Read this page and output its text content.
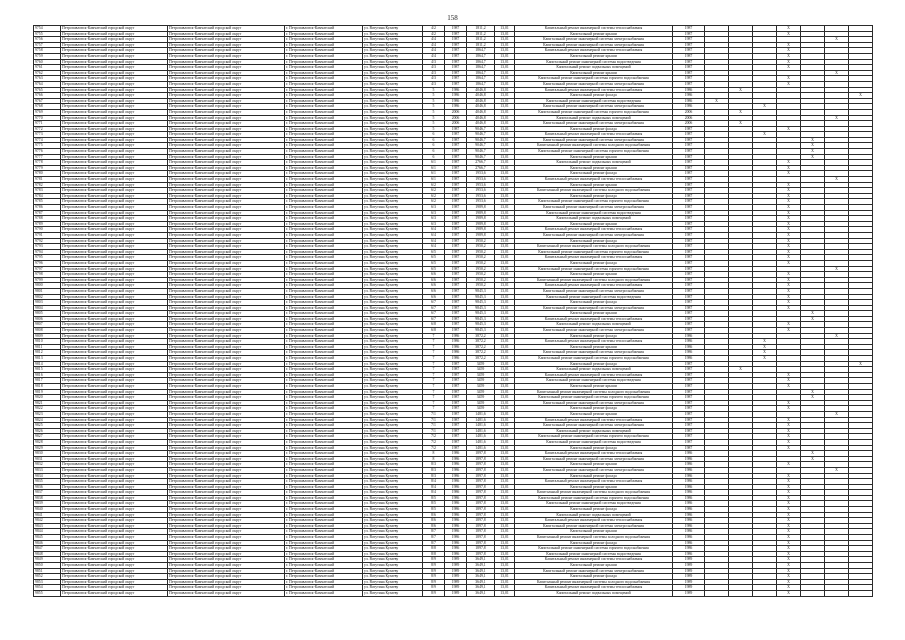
158
9754	Петропавловск-Камчатский городской округ	Петропавловск-Камчатский городской округ	г. Петропавловск-Камчатский	ул. Ватутина Кулаеву	4/2	1987	1811,2	13,01	Капитальный ремонт инженерной системы теплоснабжения	1987				X			
9755	Петропавловск-Камчатский городской округ	Петропавловск-Камчатский городской округ	г. Петропавловск-Камчатский	ул. Ватутина Кулаеву	4/2	1987	1811,2	13,01	Капитальный ремонт крыши	1987				X			
9756	Петропавловск-Камчатский городской округ	Петропавловск-Камчатский городской округ	г. Петропавловск-Камчатский	ул. Ватутина Кулаеву	4/4	1987	1811,2	13,01	Капитальный ремонт инженерной системы электроснабжения	1987						X	
9757	Петропавловск-Камчатский городской округ	Петропавловск-Камчатский городской округ	г. Петропавловск-Камчатский	ул. Ватутина Кулаеву	4/4	1987	1811,2	13,01	Капитальный ремонт инженерной системы электроснабжения	1987				X			
9758	Петропавловск-Камчатский городской округ	Петропавловск-Камчатский городской округ	г. Петропавловск-Камчатский	ул. Ватутина Кулаеву	4/4	1987	1864,7	13,01	Капитальный ремонт инженерной системы теплоснабжения	1987				X			
9759	Петропавловск-Камчатский городской округ	Петропавловск-Камчатский городской округ	г. Петропавловск-Камчатский	ул. Ватутина Кулаеву	4/4	1987	1864,7	13,01	Капитальный ремонт крыши	1987				X			
9760	Петропавловск-Камчатский городской округ	Петропавловск-Камчатский городской округ	г. Петропавловск-Камчатский	ул. Ватутина Кулаеву	4/3	1987	1864,7	13,01	Капитальный ремонт инженерной системы водоотведения	1987				X			
9761	Петропавловск-Камчатский городской округ	Петропавловск-Камчатский городской округ	г. Петропавловск-Камчатский	ул. Ватутина Кулаеву	4/3	1987	1864,7	13,01	Капитальный ремонт подвальных помещений	1987				X			
9762	Петропавловск-Камчатский городской округ	Петропавловск-Камчатский городской округ	г. Петропавловск-Камчатский	ул. Ватутина Кулаеву	4/3	1987	1864,7	13,01	Капитальный ремонт крыши	1987						X	
9763	Петропавловск-Камчатский городской округ	Петропавловск-Камчатский городской округ	г. Петропавловск-Камчатский	ул. Ватутина Кулаеву	4/3	1987	1864,7	13,01	Капитальный ремонт инженерной системы горячего водоснабжения	1987				X			
9764	Петропавловск-Камчатский городской округ	Петропавловск-Камчатский городской округ	г. Петропавловск-Камчатский	ул. Ватутина Кулаеву	4/3	1987	1864,7	13,01	Капитальный ремонт инженерной системы электроснабжения	1987				X			
9765	Петропавловск-Камчатский городской округ	Петропавловск-Камчатский городской округ	г. Петропавловск-Камчатский	ул. Ватутина Кулаеву	5	1986	4046,8	13,01	Капитальный ремонт инженерной системы теплоснабжения	1986		X					
9766	Петропавловск-Камчатский городской округ	Петропавловск-Камчатский городской округ	г. Петропавловск-Камчатский	ул. Ватутина Кулаеву	5	1986	4046,8	13,01	Капитальный ремонт фасада	1986							X
9767	Петропавловск-Камчатский городской округ	Петропавловск-Камчатский городской округ	г. Петропавловск-Камчатский	ул. Ватутина Кулаеву	5	1986	4046,8	13,01	Капитальный ремонт инженерной системы водоотведения	1986	X						
9768	Петропавловск-Камчатский городской округ	Петропавловск-Камчатский городской округ	г. Петропавловск-Камчатский	ул. Ватутина Кулаеву	5	1986	4046,8	13,01	Капитальный ремонт инженерной системы электроснабжения	1986			X				
9769	Петропавловск-Камчатский городской округ	Петропавловск-Камчатский городской округ	г. Петропавловск-Камчатский	ул. Ватутина Кулаеву	5	2006	4046,8	13,01	Капитальный ремонт инженерной системы горячего водоснабжения	2006		X					
9770	Петропавловск-Камчатский городской округ	Петропавловск-Камчатский городской округ	г. Петропавловск-Камчатский	ул. Ватутина Кулаеву	5	2006	4046,8	13,01	Капитальный ремонт подвальных помещений	2006						X	
9771	Петропавловск-Камчатский городской округ	Петропавловск-Камчатский городской округ	г. Петропавловск-Камчатский	ул. Ватутина Кулаеву	5	2006	4046,8	13,01	Капитальный ремонт инженерной системы электроснабжения	2006		X					
9772	Петропавловск-Камчатский городской округ	Петропавловск-Камчатский городской округ	г. Петропавловск-Камчатский	ул. Ватутина Кулаеву	5	1987	9046,7	13,01	Капитальный ремонт фасада	1987				X			
9773	Петропавловск-Камчатский городской округ	Петропавловск-Камчатский городской округ	г. Петропавловск-Камчатский	ул. Ватутина Кулаеву	6	1987	9046,7	13,01	Капитальный ремонт инженерной системы теплоснабжения	1987			X				
9774	Петропавловск-Камчатский городской округ	Петропавловск-Камчатский городской округ	г. Петропавловск-Камчатский	ул. Ватутина Кулаеву	6	1987	9046,7	13,01	Капитальный ремонт инженерной системы электроснабжения	1987					X		
9775	Петропавловск-Камчатский городской округ	Петропавловск-Камчатский городской округ	г. Петропавловск-Камчатский	ул. Ватутина Кулаеву	6	1987	9046,7	13,01	Капитальный ремонт инженерной системы холодного водоснабжения	1987					X		
9776	Петропавловск-Камчатский городской округ	Петропавловск-Камчатский городской округ	г. Петропавловск-Камчатский	ул. Ватутина Кулаеву	6	1987	9046,7	13,01	Капитальный ремонт инженерной системы горячего водоснабжения	1987					X		
9777	Петропавловск-Камчатский городской округ	Петропавловск-Камчатский городской округ	г. Петропавловск-Камчатский	ул. Ватутина Кулаеву	6	1987	9046,7	13,01	Капитальный ремонт крыши	1987					X		
9778	Петропавловск-Камчатский городской округ	Петропавловск-Камчатский городской округ	г. Петропавловск-Камчатский	ул. Ватутина Кулаеву	6/1	1987	2766,7	13,01	Капитальный ремонт подвальных помещений	1987				X			
9779	Петропавловск-Камчатский городской округ	Петропавловск-Камчатский городской округ	г. Петропавловск-Камчатский	ул. Ватутина Кулаеву	6/1	1987	2766,7	13,01	Капитальный ремонт крыши	1987				X			
9780	Петропавловск-Камчатский городской округ	Петропавловск-Камчатский городской округ	г. Петропавловск-Камчатский	ул. Ватутина Кулаеву	6/1	1987	1953,6	13,01	Капитальный ремонт фасада	1987				X			
9781	Петропавловск-Камчатский городской округ	Петропавловск-Камчатский городской округ	г. Петропавловск-Камчатский	ул. Ватутина Кулаеву	6/1	1987	1953,6	13,01	Капитальный ремонт инженерной системы теплоснабжения	1987						X	
9782	Петропавловск-Камчатский городской округ	Петропавловск-Камчатский городской округ	г. Петропавловск-Камчатский	ул. Ватутина Кулаеву	6/2	1987	1953,6	13,01	Капитальный ремонт крыши	1987				X			
9783	Петропавловск-Камчатский городской округ	Петропавловск-Камчатский городской округ	г. Петропавловск-Камчатский	ул. Ватутина Кулаеву	6/2	1987	1953,6	13,01	Капитальный ремонт инженерной системы холодного водоснабжения	1987				X			
9784	Петропавловск-Камчатский городской округ	Петропавловск-Камчатский городской округ	г. Петропавловск-Камчатский	ул. Ватутина Кулаеву	6/2	1987	1953,6	13,01	Капитальный ремонт фасада	1987				X			
9785	Петропавловск-Камчатский городской округ	Петропавловск-Камчатский городской округ	г. Петропавловск-Камчатский	ул. Ватутина Кулаеву	6/2	1987	1953,6	13,01	Капитальный ремонт инженерной системы горячего водоснабжения	1987				X			
9786	Петропавловск-Камчатский городской округ	Петропавловск-Камчатский городской округ	г. Петропавловск-Камчатский	ул. Ватутина Кулаеву	6/3	1987	1989,8	13,01	Капитальный ремонт инженерной системы электроснабжения	1987				X			
9787	Петропавловск-Камчатский городской округ	Петропавловск-Камчатский городской округ	г. Петропавловск-Камчатский	ул. Ватутина Кулаеву	6/3	1987	1989,8	13,01	Капитальный ремонт инженерной системы водоотведения	1987				X			
9788	Петропавловск-Камчатский городской округ	Петропавловск-Камчатский городской округ	г. Петропавловск-Камчатский	ул. Ватутина Кулаеву	6/3	1987	1989,8	13,01	Капитальный ремонт подвальных помещений	1987				X			
9789	Петропавловск-Камчатский городской округ	Петропавловск-Камчатский городской округ	г. Петропавловск-Камчатский	ул. Ватутина Кулаеву	6/3	1987	1989,8	13,01	Капитальный ремонт крыши	1987				X			
9790	Петропавловск-Камчатский городской округ	Петропавловск-Камчатский городской округ	г. Петропавловск-Камчатский	ул. Ватутина Кулаеву	6/4	1987	1989,8	13,01	Капитальный ремонт инженерной системы теплоснабжения	1987				X			
9791	Петропавловск-Камчатский городской округ	Петропавловск-Камчатский городской округ	г. Петропавловск-Камчатский	ул. Ватутина Кулаеву	6/4	1987	1989,8	13,01	Капитальный ремонт инженерной системы электроснабжения	1987				X			
9792	Петропавловск-Камчатский городской округ	Петропавловск-Камчатский городской округ	г. Петропавловск-Камчатский	ул. Ватутина Кулаеву	6/4	1987	1950,2	13,01	Капитальный ремонт фасада	1987				X			
9793	Петропавловск-Камчатский городской округ	Петропавловск-Камчатский городской округ	г. Петропавловск-Камчатский	ул. Ватутина Кулаеву	6/4	1987	1950,2	13,01	Капитальный ремонт инженерной системы холодного водоснабжения	1987				X			
9794	Петропавловск-Камчатский городской округ	Петропавловск-Камчатский городской округ	г. Петропавловск-Камчатский	ул. Ватутина Кулаеву	6/5	1987	1950,2	13,01	Капитальный ремонт инженерной системы горячего водоснабжения	1987				X			
9795	Петропавловск-Камчатский городской округ	Петропавловск-Камчатский городской округ	г. Петропавловск-Камчатский	ул. Ватутина Кулаеву	6/5	1987	1950,2	13,01	Капитальный ремонт инженерной системы теплоснабжения	1987				X			
9796	Петропавловск-Камчатский городской округ	Петропавловск-Камчатский городской округ	г. Петропавловск-Камчатский	ул. Ватутина Кулаеву	6/5	1987	1950,2	13,01	Капитальный ремонт фасада	1987				X			
9797	Петропавловск-Камчатский городской округ	Петропавловск-Камчатский городской округ	г. Петропавловск-Камчатский	ул. Ватутина Кулаеву	6/5	1987	1950,2	13,01	Капитальный ремонт инженерной системы горячего водоснабжения	1987						X	
9798	Петропавловск-Камчатский городской округ	Петропавловск-Камчатский городской округ	г. Петропавловск-Камчатский	ул. Ватутина Кулаеву	6/6	1987	1950,2	13,01	Капитальный ремонт крыши	1987				X			
9799	Петропавловск-Камчатский городской округ	Петропавловск-Камчатский городской округ	г. Петропавловск-Камчатский	ул. Ватутина Кулаеву	6/6	1987	1950,2	13,01	Капитальный ремонт инженерной системы холодного водоснабжения	1987				X			
9800	Петропавловск-Камчатский городской округ	Петропавловск-Камчатский городской округ	г. Петропавловск-Камчатский	ул. Ватутина Кулаеву	6/6	1987	1950,2	13,01	Капитальный ремонт инженерной системы теплоснабжения	1987				X			
9801	Петропавловск-Камчатский городской округ	Петропавловск-Камчатский городской округ	г. Петропавловск-Камчатский	ул. Ватутина Кулаеву	6/6	1987	9845,3	13,01	Капитальный ремонт инженерной системы электроснабжения	1987				X			
9802	Петропавловск-Камчатский городской округ	Петропавловск-Камчатский городской округ	г. Петропавловск-Камчатский	ул. Ватутина Кулаеву	6/6	1987	9845,3	13,01	Капитальный ремонт инженерной системы водоотведения	1987				X			
9803	Петропавловск-Камчатский городской округ	Петропавловск-Камчатский городской округ	г. Петропавловск-Камчатский	ул. Ватутина Кулаеву	6/7	1987	9845,3	13,01	Капитальный ремонт фасада	1987				X			
9804	Петропавловск-Камчатский городской округ	Петропавловск-Камчатский городской округ	г. Петропавловск-Камчатский	ул. Ватутина Кулаеву	6/7	1987	9845,3	13,01	Капитальный ремонт инженерной системы электроснабжения	1987				X			
9805	Петропавловск-Камчатский городской округ	Петропавловск-Камчатский городской округ	г. Петропавловск-Камчатский	ул. Ватутина Кулаеву	6/7	1987	9845,3	13,01	Капитальный ремонт крыши	1987					X		
9806	Петропавловск-Камчатский городской округ	Петропавловск-Камчатский городской округ	г. Петропавловск-Камчатский	ул. Ватутина Кулаеву	6/7	1987	9845,3	13,01	Капитальный ремонт инженерной системы теплоснабжения	1987					X		
9807	Петропавловск-Камчатский городской округ	Петропавловск-Камчатский городской округ	г. Петропавловск-Камчатский	ул. Ватутина Кулаеву	6/8	1987	9845,3	13,01	Капитальный ремонт подвальных помещений	1987				X			
9808	Петропавловск-Камчатский городской округ	Петропавловск-Камчатский городской округ	г. Петропавловск-Камчатский	ул. Ватутина Кулаеву	6/8	1987	9845,3	13,01	Капитальный ремонт инженерной системы электроснабжения	1987				X			
9809	Петропавловск-Камчатский городской округ	Петропавловск-Камчатский городской округ	г. Петропавловск-Камчатский	ул. Ватутина Кулаеву	7	1986	3872,2	13,01	Капитальный ремонт фасада	1986						X	
9810	Петропавловск-Камчатский городской округ	Петропавловск-Камчатский городской округ	г. Петропавловск-Камчатский	ул. Ватутина Кулаеву	7	1986	3872,2	13,01	Капитальный ремонт инженерной системы теплоснабжения	1986			X				
9811	Петропавловск-Камчатский городской округ	Петропавловск-Камчатский городской округ	г. Петропавловск-Камчатский	ул. Ватутина Кулаеву	7	1986	3872,2	13,01	Капитальный ремонт крыши	1986			X				
9812	Петропавловск-Камчатский городской округ	Петропавловск-Камчатский городской округ	г. Петропавловск-Камчатский	ул. Ватутина Кулаеву	7	1986	3872,2	13,01	Капитальный ремонт инженерной системы электроснабжения	1986			X				
9813	Петропавловск-Камчатский городской округ	Петропавловск-Камчатский городской округ	г. Петропавловск-Камчатский	ул. Ватутина Кулаеву	7	1986	3872,2	13,01	Капитальный ремонт инженерной системы горячего водоснабжения	1986			X				
9814	Петропавловск-Камчатский городской округ	Петропавловск-Камчатский городской округ	г. Петропавловск-Камчатский	ул. Ватутина Кулаеву	7	1987	3459	13,01	Капитальный ремонт фасада	1987							X
9815	Петропавловск-Камчатский городской округ	Петропавловск-Камчатский городской округ	г. Петропавловск-Камчатский	ул. Ватутина Кулаеву	7	1987	3459	13,01	Капитальный ремонт подвальных помещений	1987		X					
9816	Петропавловск-Камчатский городской округ	Петропавловск-Камчатский городской округ	г. Петропавловск-Камчатский	ул. Ватутина Кулаеву	7	1987	3459	13,01	Капитальный ремонт инженерной системы теплоснабжения	1987				X			
9817	Петропавловск-Камчатский городской округ	Петропавловск-Камчатский городской округ	г. Петропавловск-Камчатский	ул. Ватутина Кулаеву	7	1987	3459	13,01	Капитальный ремонт инженерной системы водоотведения	1987				X			
9818	Петропавловск-Камчатский городской округ	Петропавловск-Камчатский городской округ	г. Петропавловск-Камчатский	ул. Ватутина Кулаеву	7	1987	3459	13,01	Капитальный ремонт крыши	1987				X			
9819	Петропавловск-Камчатский городской округ	Петропавловск-Камчатский городской округ	г. Петропавловск-Камчатский	ул. Ватутина Кулаеву	7	1987	3459	13,01	Капитальный ремонт инженерной системы холодного водоснабжения	1987					X		
9820	Петропавловск-Камчатский городской округ	Петропавловск-Камчатский городской округ	г. Петропавловск-Камчатский	ул. Ватутина Кулаеву	7	1987	3459	13,01	Капитальный ремонт инженерной системы горячего водоснабжения	1987					X		
9821	Петропавловск-Камчатский городской округ	Петропавловск-Камчатский городской округ	г. Петропавловск-Камчатский	ул. Ватутина Кулаеву	7	1987	3459	13,01	Капитальный ремонт инженерной системы электроснабжения	1987				X			
9822	Петропавловск-Камчатский городской округ	Петропавловск-Камчатский городской округ	г. Петропавловск-Камчатский	ул. Ватутина Кулаеву	7	1987	3459	13,01	Капитальный ремонт фасада	1987				X			
9823	Петропавловск-Камчатский городской округ	Петропавловск-Камчатский городской округ	г. Петропавловск-Камчатский	ул. Ватутина Кулаеву	7/1	1987	1481,6	13,01	Капитальный ремонт крыши	1987						X	
9824	Петропавловск-Камчатский городской округ	Петропавловск-Камчатский городской округ	г. Петропавловск-Камчатский	ул. Ватутина Кулаеву	7/1	1987	1481,6	13,01	Капитальный ремонт инженерной системы теплоснабжения	1987				X			
9825	Петропавловск-Камчатский городской округ	Петропавловск-Камчатский городской округ	г. Петропавловск-Камчатский	ул. Ватутина Кулаеву	7/1	1987	1481,6	13,01	Капитальный ремонт инженерной системы электроснабжения	1987				X			
9826	Петропавловск-Камчатский городской округ	Петропавловск-Камчатский городской округ	г. Петропавловск-Камчатский	ул. Ватутина Кулаеву	7/1	1987	1481,6	13,01	Капитальный ремонт подвальных помещений	1987				X			
9827	Петропавловск-Камчатский городской округ	Петропавловск-Камчатский городской округ	г. Петропавловск-Камчатский	ул. Ватутина Кулаеву	7/2	1987	1481,6	13,01	Капитальный ремонт инженерной системы горячего водоснабжения	1987				X			
9828	Петропавловск-Камчатский городской округ	Петропавловск-Камчатский городской округ	г. Петропавловск-Камчатский	ул. Ватутина Кулаеву	7/2	1987	1481,6	13,01	Капитальный ремонт инженерной системы водоотведения	1987				X			
9829	Петропавловск-Камчатский городской округ	Петропавловск-Камчатский городской округ	г. Петропавловск-Камчатский	ул. Ватутина Кулаеву	7/2	1987	1481,6	13,01	Капитальный ремонт фасада	1987				X			
9830	Петропавловск-Камчатский городской округ	Петропавловск-Камчатский городской округ	г. Петропавловск-Камчатский	ул. Ватутина Кулаеву	8	1986	1897,8	13,01	Капитальный ремонт инженерной системы теплоснабжения	1986					X		
9831	Петропавловск-Камчатский городской округ	Петропавловск-Камчатский городской округ	г. Петропавловск-Камчатский	ул. Ватутина Кулаеву	8	1986	1897,8	13,01	Капитальный ремонт инженерной системы электроснабжения	1986					X		
9832	Петропавловск-Камчатский городской округ	Петропавловск-Камчатский городской округ	г. Петропавловск-Камчатский	ул. Ватутина Кулаеву	8/3	1986	1897,8	13,01	Капитальный ремонт крыши	1986				X			
9833	Петропавловск-Камчатский городской округ	Петропавловск-Камчатский городской округ	г. Петропавловск-Камчатский	ул. Ватутина Кулаеву	8/3	1986	1897,8	13,01	Капитальный ремонт инженерной системы электроснабжения	1986						X	
9834	Петропавловск-Камчатский городской округ	Петропавловск-Камчатский городской округ	г. Петропавловск-Камчатский	ул. Ватутина Кулаеву	8/3	1986	1897,8	13,01	Капитальный ремонт фасада	1986				X			
9835	Петропавловск-Камчатский городской округ	Петропавловск-Камчатский городской округ	г. Петропавловск-Камчатский	ул. Ватутина Кулаеву	8/4	1986	1897,8	13,01	Капитальный ремонт инженерной системы теплоснабжения	1986				X			
9836	Петропавловск-Камчатский городской округ	Петропавловск-Камчатский городской округ	г. Петропавловск-Камчатский	ул. Ватутина Кулаеву	8/4	1986	1897,8	13,01	Капитальный ремонт крыши	1986				X			
9837	Петропавловск-Камчатский городской округ	Петропавловск-Камчатский городской округ	г. Петропавловск-Камчатский	ул. Ватутина Кулаеву	8/4	1986	1897,8	13,01	Капитальный ремонт инженерной системы холодного водоснабжения	1986				X			
9838	Петропавловск-Камчатский городской округ	Петропавловск-Камчатский городской округ	г. Петропавловск-Камчатский	ул. Ватутина Кулаеву	8/5	1986	1897,8	13,01	Капитальный ремонт инженерной системы горячего водоснабжения	1986				X			
9839	Петропавловск-Камчатский городской округ	Петропавловск-Камчатский городской округ	г. Петропавловск-Камчатский	ул. Ватутина Кулаеву	8/5	1986	1897,8	13,01	Капитальный ремонт инженерной системы водоотведения	1986				X			
9840	Петропавловск-Камчатский городской округ	Петропавловск-Камчатский городской округ	г. Петропавловск-Камчатский	ул. Ватутина Кулаеву	8/5	1986	1897,8	13,01	Капитальный ремонт фасада	1986				X			
9841	Петропавловск-Камчатский городской округ	Петропавловск-Камчатский городской округ	г. Петропавловск-Камчатский	ул. Ватутина Кулаеву	8/6	1986	1897,8	13,01	Капитальный ремонт подвальных помещений	1986				X			
9842	Петропавловск-Камчатский городской округ	Петропавловск-Камчатский городской округ	г. Петропавловск-Камчатский	ул. Ватутина Кулаеву	8/6	1986	1897,8	13,01	Капитальный ремонт инженерной системы теплоснабжения	1986				X			
9843	Петропавловск-Камчатский городской округ	Петропавловск-Камчатский городской округ	г. Петропавловск-Камчатский	ул. Ватутина Кулаеву	8/6	1986	1897,8	13,01	Капитальный ремонт инженерной системы электроснабжения	1986				X			
9844	Петропавловск-Камчатский городской округ	Петропавловск-Камчатский городской округ	г. Петропавловск-Камчатский	ул. Ватутина Кулаеву	8/7	1986	1897,8	13,01	Капитальный ремонт крыши	1986				X			
9845	Петропавловск-Камчатский городской округ	Петропавловск-Камчатский городской округ	г. Петропавловск-Камчатский	ул. Ватутина Кулаеву	8/7	1986	1897,8	13,01	Капитальный ремонт инженерной системы холодного водоснабжения	1986				X			
9846	Петропавловск-Камчатский городской округ	Петропавловск-Камчатский городской округ	г. Петропавловск-Камчатский	ул. Ватутина Кулаеву	8/7	1986	1897,8	13,01	Капитальный ремонт фасада	1986				X			
9847	Петропавловск-Камчатский городской округ	Петропавловск-Камчатский городской округ	г. Петропавловск-Камчатский	ул. Ватутина Кулаеву	8/8	1986	1897,8	13,01	Капитальный ремонт инженерной системы горячего водоснабжения	1986				X			
9848	Петропавловск-Камчатский городской округ	Петропавловск-Камчатский городской округ	г. Петропавловск-Камчатский	ул. Ватутина Кулаеву	8/8	1986	1897,8	13,01	Капитальный ремонт инженерной системы водоотведения	1986				X			
9849	Петропавловск-Камчатский городской округ	Петропавловск-Камчатский городской округ	г. Петропавловск-Камчатский	ул. Ватутина Кулаеву	8/9	1989	3649,1	13,01	Капитальный ремонт инженерной системы теплоснабжения	1989				X			
9850	Петропавловск-Камчатский городской округ	Петропавловск-Камчатский городской округ	г. Петропавловск-Камчатский	ул. Ватутина Кулаеву	8/9	1989	3649,1	13,01	Капитальный ремонт крыши	1989				X			
9851	Петропавловск-Камчатский городской округ	Петропавловск-Камчатский городской округ	г. Петропавловск-Камчатский	ул. Ватутина Кулаеву	8/9	1989	3649,1	13,01	Капитальный ремонт инженерной системы электроснабжения	1989				X			
9852	Петропавловск-Камчатский городской округ	Петропавловск-Камчатский городской округ	г. Петропавловск-Камчатский	ул. Ватутина Кулаеву	8/9	1989	3649,1	13,01	Капитальный ремонт фасада	1989				X			
9853	Петропавловск-Камчатский городской округ	Петропавловск-Камчатский городской округ	г. Петропавловск-Камчатский	ул. Ватутина Кулаеву	8/9	1989	3649,1	13,01	Капитальный ремонт инженерной системы холодного водоснабжения	1989				X			
9854	Петропавловск-Камчатский городской округ	Петропавловск-Камчатский городской округ	г. Петропавловск-Камчатский	ул. Ватутина Кулаеву	8/9	1989	3649,1	13,01	Капитальный ремонт инженерной системы теплоснабжения	1989				X			
9855	Петропавловск-Камчатский городской округ	Петропавловск-Камчатский городской округ	г. Петропавловск-Камчатский	ул. Ватутина Кулаеву	8/9	1989	3649,1	13,01	Капитальный ремонт подвальных помещений	1989				X			
